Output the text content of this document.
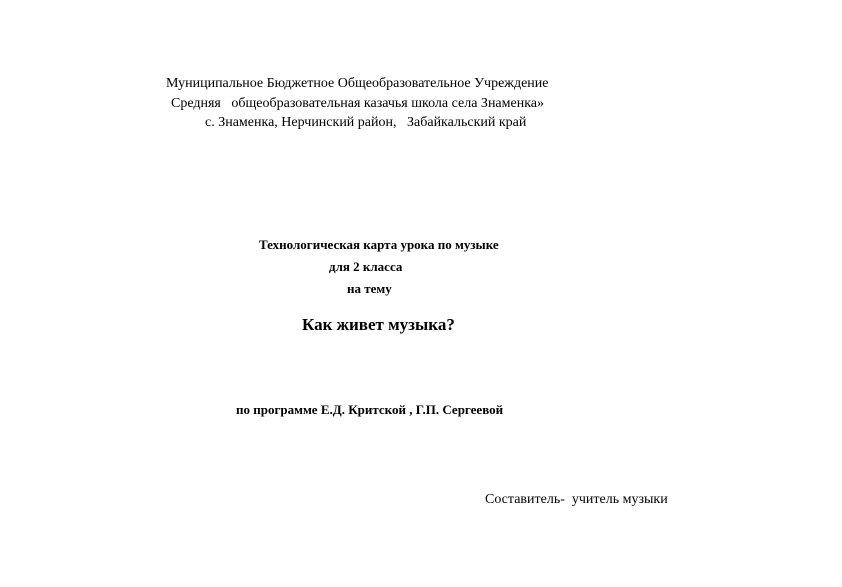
Муниципальное Бюджетное Общеобразовательное Учреждение
Средняя   общеобразовательная казачья школа села Знаменка»
с. Знаменка, Нерчинский район,   Забайкальский край
Технологическая карта урока по музыке
для 2 класса
на тему
Как живет музыка?
по программе Е.Д. Критской , Г.П. Сергеевой
Составитель-  учитель музыки
